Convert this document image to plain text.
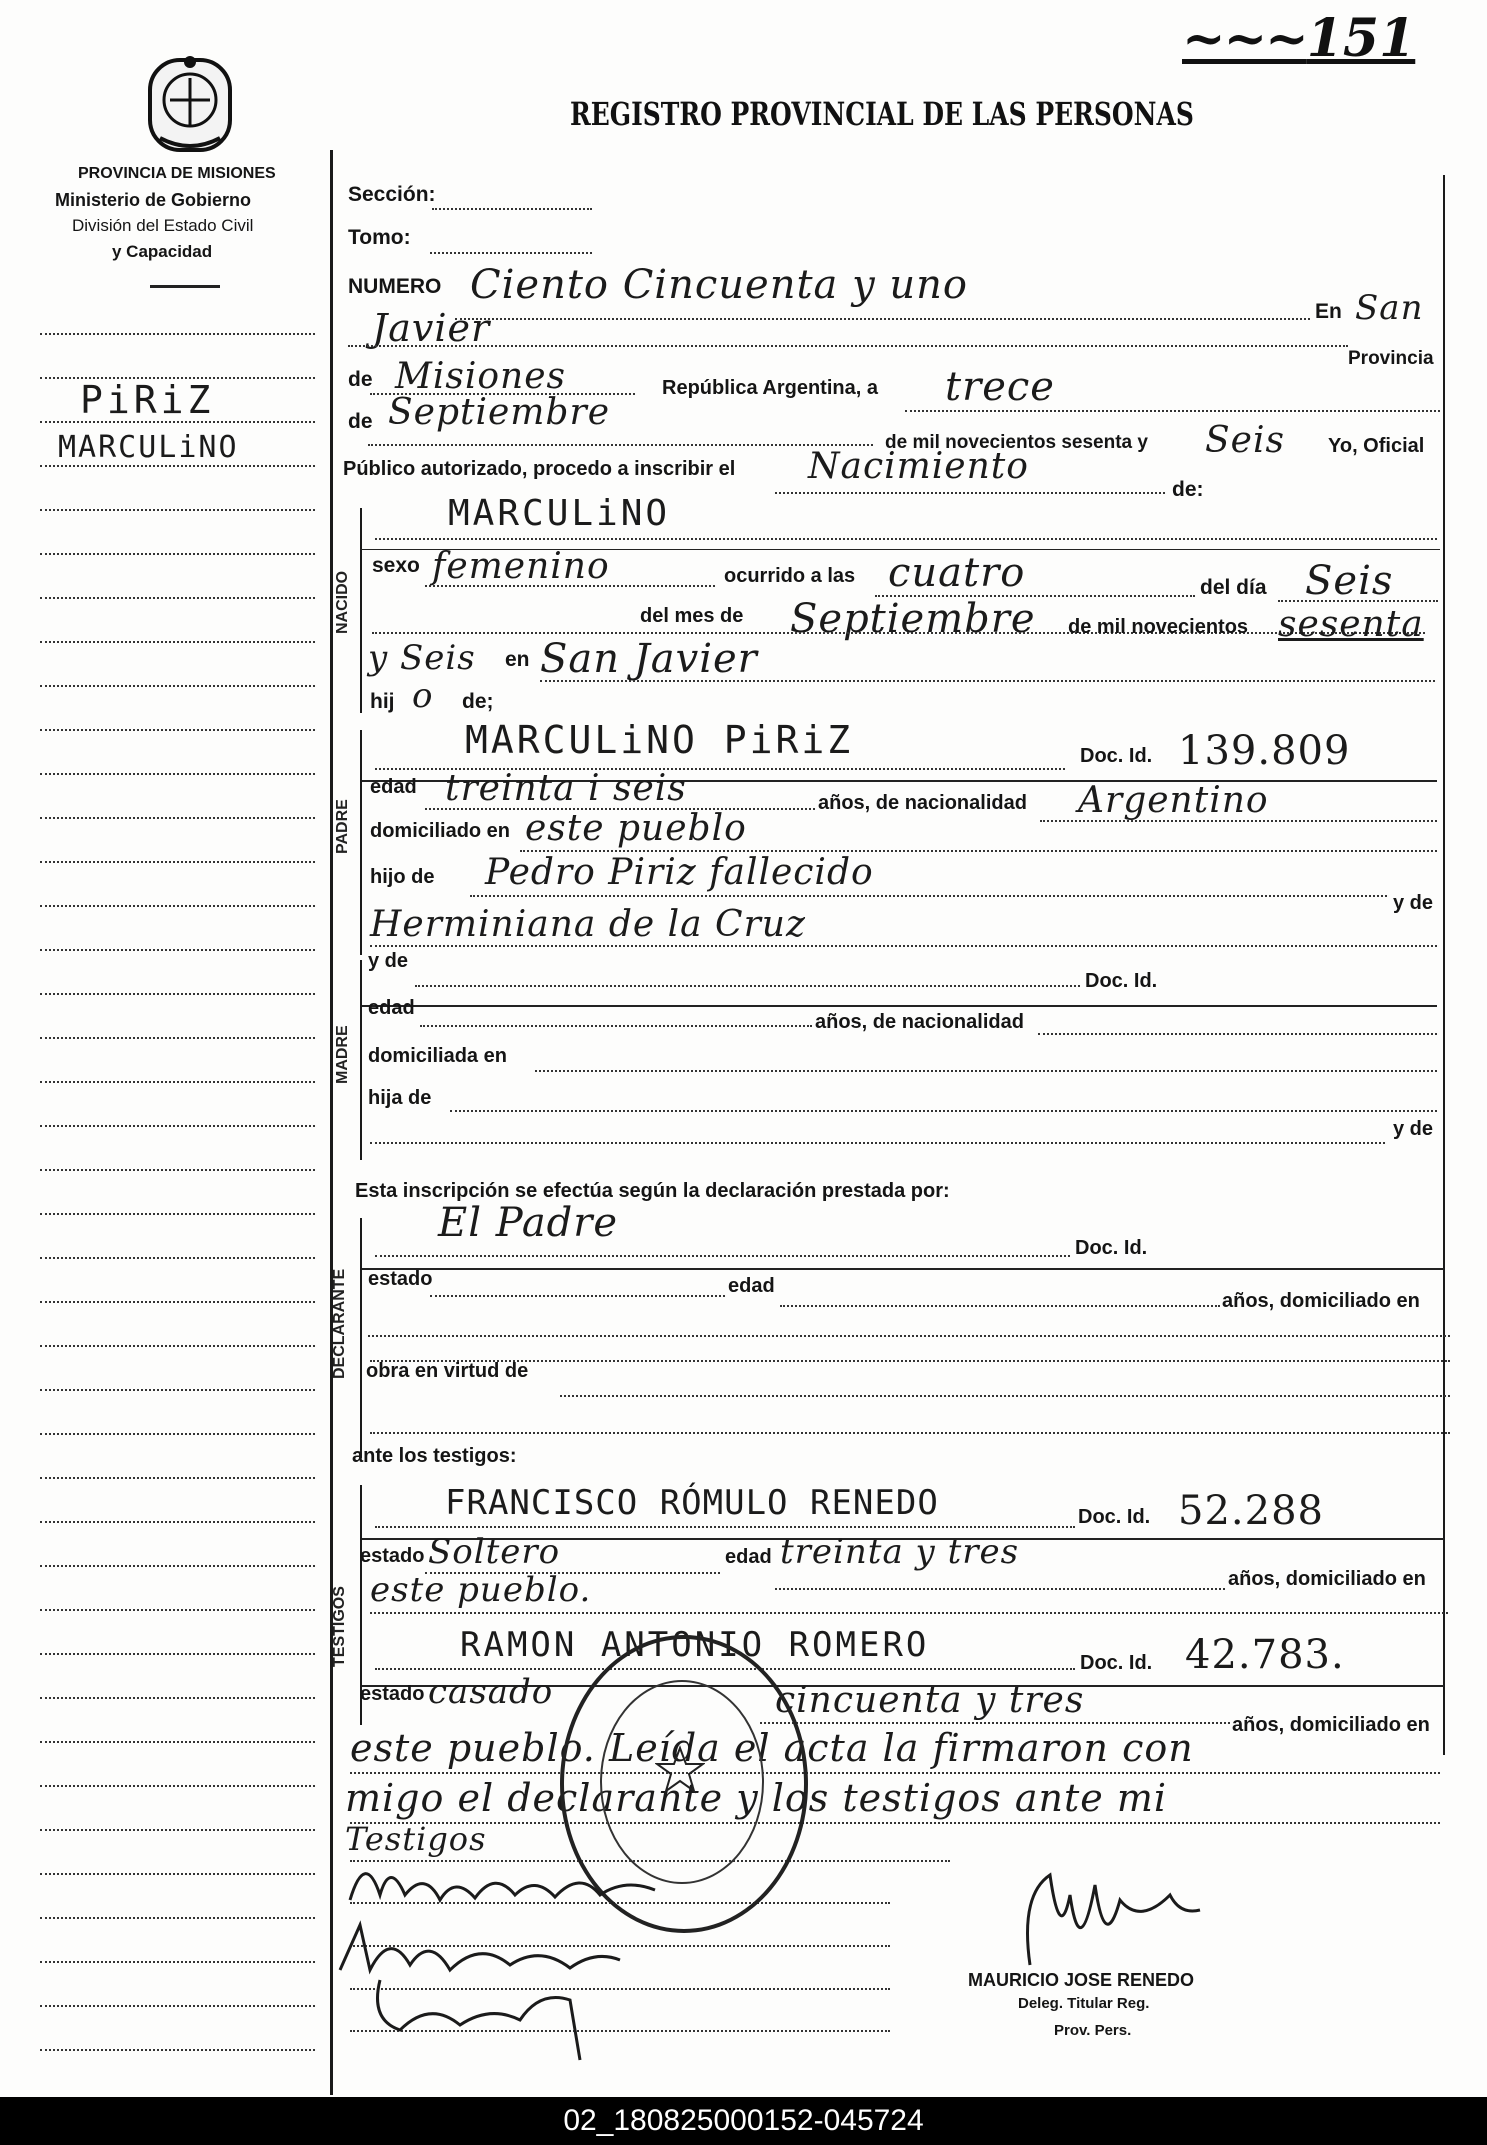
PROVINCIA DE MISIONES
Ministerio de Gobierno
División del Estado Civil
y Capacidad
~~~151
REGISTRO PROVINCIAL DE LAS PERSONAS
PiRiZ
MARCULiNO
Sección:
Tomo:
NUMERO Ciento Cincuenta y uno
En San
Javier
Provincia
de Misiones	República Argentina, a trece
de Septiembre
de mil novecientos sesenta y Seis Yo, Oficial
Público autorizado, procedo a inscribir el Nacimiento
de:
NACIDO
MARCULiNO
sexo femenino	ocurrido a las cuatro	del día Seis
del mes de Septiembre de mil novecientos sesenta
y Seis en San Javier
hij o de;
PADRE
MARCULiNO PiRiZ	Doc. Id. 139.809
edad treinta i seis	años, de nacionalidad Argentino
domiciliado en este pueblo
hijo de Pedro Piriz fallecido
Herminiana de la Cruz
y de
MADRE
y de
Doc. Id.
edad
años, de nacionalidad
domiciliada en
hija de
y de
Esta inscripción se efectúa según la declaración prestada por:
DECLARANTE
El Padre
Doc. Id.
estado	edad
años, domiciliado en
obra en virtud de
ante los testigos:
TESTIGOS
FRANCISCO RÓMULO RENEDO	Doc. Id. 52.288
estado Soltero	edad treinta y tres
años, domiciliado en
este pueblo.
RAMON ANTONIO ROMERO	Doc. Id. 42.783.
estado casado	cincuenta y tres
años, domiciliado en
este pueblo. Leída el acta la firmaron con
migo el declarante y los testigos ante mi
Testigos
MAURICIO JOSE RENEDO
Deleg. Titular Reg.
Prov. Pers.
02_180825000152-045724
